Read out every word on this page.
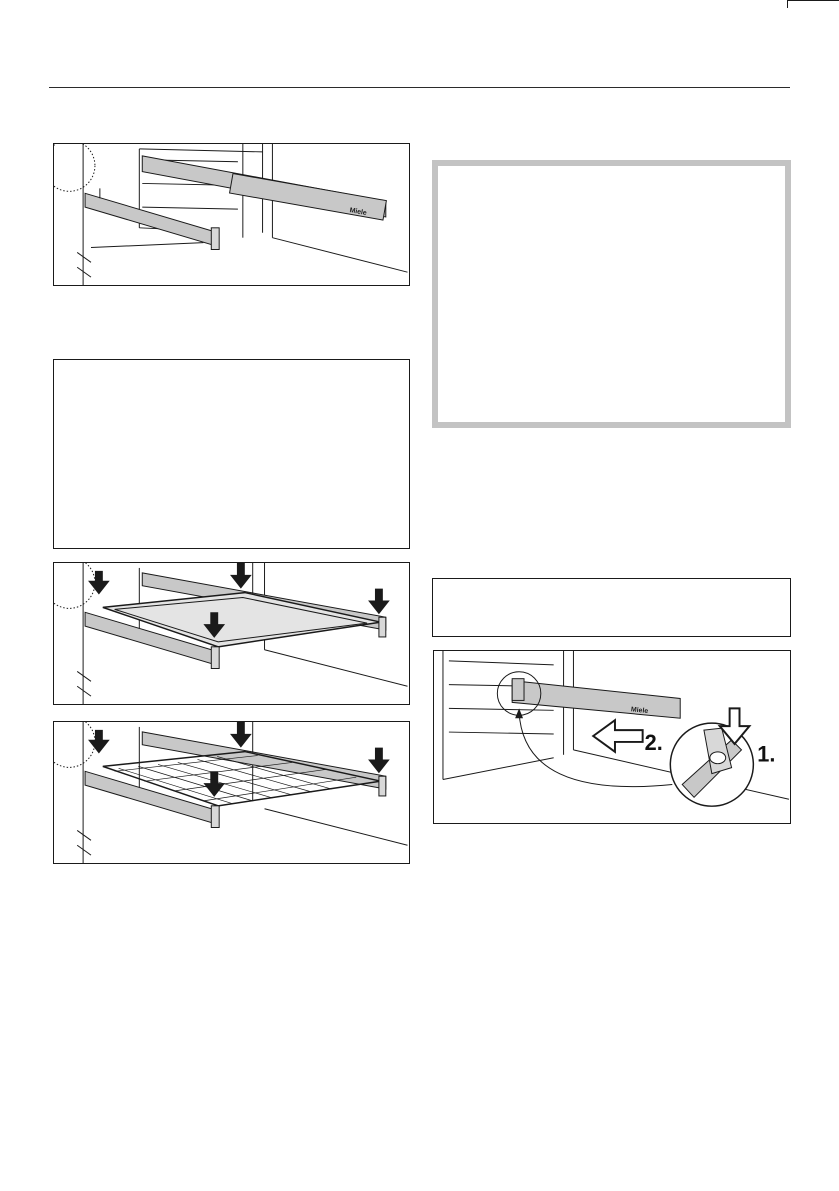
Miele
Miele
2.	1.
